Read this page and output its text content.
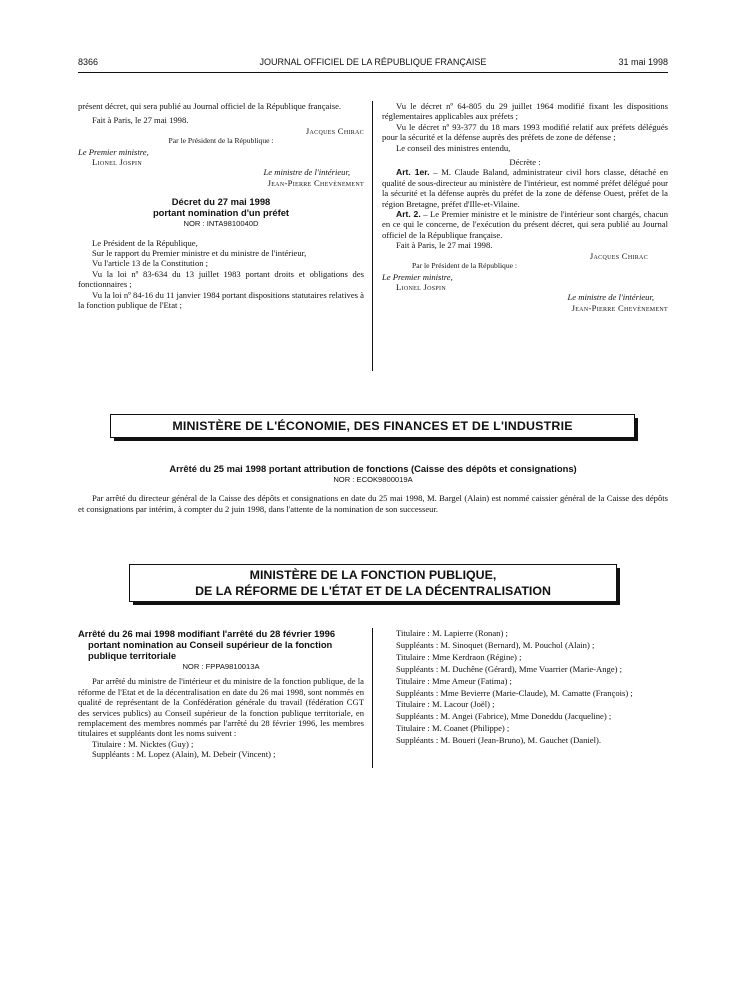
8366	JOURNAL OFFICIEL DE LA RÉPUBLIQUE FRANÇAISE	31 mai 1998

présent décret, qui sera publié au Journal officiel de la République française.

Fait à Paris, le 27 mai 1998.

Jacques Chirac

Par le Président de la République :

Le Premier ministre,

Lionel Jospin

Le ministre de l'intérieur,

Jean-Pierre Chevènement

Décret du 27 mai 1998

portant nomination d'un préfet

NOR : INTA9810040D

Le Président de la République,

Sur le rapport du Premier ministre et du ministre de l'intérieur,

Vu l'article 13 de la Constitution ;

Vu la loi nº 83-634 du 13 juillet 1983 portant droits et obligations des fonctionnaires ;

Vu la loi nº 84-16 du 11 janvier 1984 portant dispositions statutaires relatives à la fonction publique de l'Etat ;

Vu le décret nº 64-805 du 29 juillet 1964 modifié fixant les dispositions réglementaires applicables aux préfets ;

Vu le décret nº 93-377 du 18 mars 1993 modifié relatif aux préfets délégués pour la sécurité et la défense auprès des préfets de zone de défense ;

Le conseil des ministres entendu,

Décrète :

Art. 1er. – M. Claude Baland, administrateur civil hors classe, détaché en qualité de sous-directeur au ministère de l'intérieur, est nommé préfet délégué pour la sécurité et la défense auprès du préfet de la zone de défense Ouest, préfet de la région Bretagne, préfet d'Ille-et-Vilaine.

Art. 2. – Le Premier ministre et le ministre de l'intérieur sont chargés, chacun en ce qui le concerne, de l'exécution du présent décret, qui sera publié au Journal officiel de la République française.

Fait à Paris, le 27 mai 1998.

Jacques Chirac

Par le Président de la République :

Le Premier ministre,

Lionel Jospin

Le ministre de l'intérieur,

Jean-Pierre Chevènement

MINISTÈRE DE L'ÉCONOMIE, DES FINANCES ET DE L'INDUSTRIE

Arrêté du 25 mai 1998 portant attribution de fonctions (Caisse des dépôts et consignations)

NOR : ECOK9800019A

Par arrêté du directeur général de la Caisse des dépôts et consignations en date du 25 mai 1998, M. Bargel (Alain) est nommé caissier général de la Caisse des dépôts et consignations par intérim, à compter du 2 juin 1998, dans l'attente de la nomination de son successeur.

MINISTÈRE DE LA FONCTION PUBLIQUE,
DE LA RÉFORME DE L'ÉTAT ET DE LA DÉCENTRALISATION

Arrêté du 26 mai 1998 modifiant l'arrêté du 28 février 1996

portant nomination au Conseil supérieur de la fonction

publique territoriale

NOR : FPPA9810013A

Par arrêté du ministre de l'intérieur et du ministre de la fonction publique, de la réforme de l'Etat et de la décentralisation en date du 26 mai 1998, sont nommés en qualité de représentant de la Confédération générale du travail (fédération CGT des services publics) au Conseil supérieur de la fonction publique territoriale, en remplacement des membres nommés par l'arrêté du 28 février 1996, les membres titulaires et suppléants dont les noms suivent :

Titulaire : M. Nicktes (Guy) ;

Suppléants : M. Lopez (Alain), M. Debeir (Vincent) ;

Titulaire : M. Lapierre (Ronan) ;

Suppléants : M. Sinoquet (Bernard), M. Pouchol (Alain) ;

Titulaire : Mme Kerdraon (Régine) ;

Suppléants : M. Duchêne (Gérard), Mme Vuarrier (Marie-Ange) ;

Titulaire : Mme Ameur (Fatima) ;

Suppléants : Mme Bevierre (Marie-Claude), M. Camatte (François) ;

Titulaire : M. Lacour (Joël) ;

Suppléants : M. Angei (Fabrice), Mme Doneddu (Jacqueline) ;

Titulaire : M. Coanet (Philippe) ;

Suppléants : M. Boueri (Jean-Bruno), M. Gauchet (Daniel).
